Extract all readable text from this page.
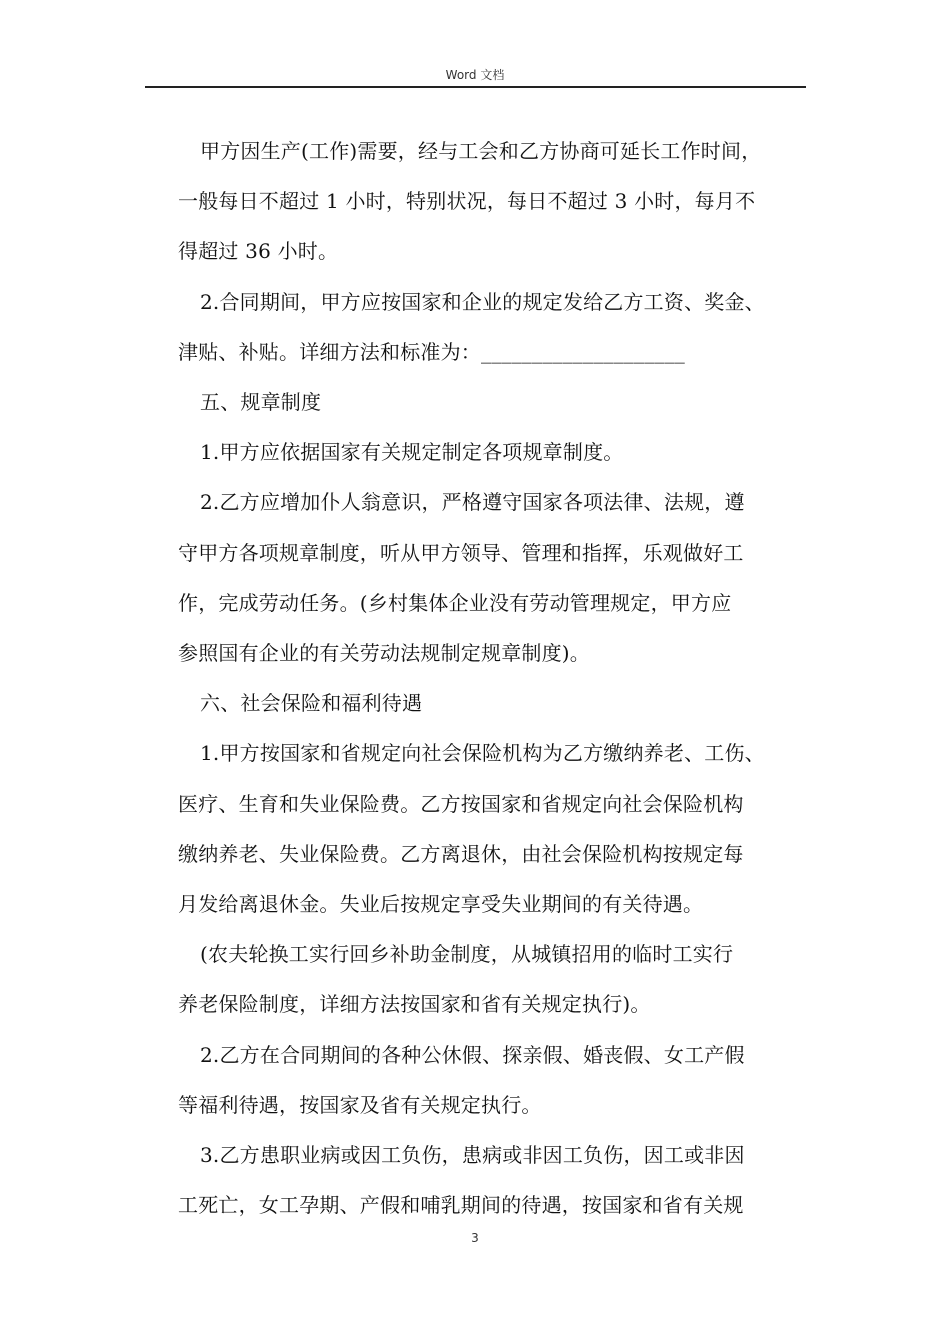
Word 文档

甲方因生产(工作)需要，经与工会和乙方协商可延长工作时间，

一般每日不超过 1 小时，特别状况，每日不超过 3 小时，每月不

得超过 36 小时。

2.合同期间，甲方应按国家和企业的规定发给乙方工资、奖金、

津贴、补贴。详细方法和标准为：____________________

五、规章制度

1.甲方应依据国家有关规定制定各项规章制度。

2.乙方应增加仆人翁意识，严格遵守国家各项法律、法规，遵

守甲方各项规章制度，听从甲方领导、管理和指挥，乐观做好工

作，完成劳动任务。(乡村集体企业没有劳动管理规定，甲方应

参照国有企业的有关劳动法规制定规章制度)。

六、社会保险和福利待遇

1.甲方按国家和省规定向社会保险机构为乙方缴纳养老、工伤、

医疗、生育和失业保险费。乙方按国家和省规定向社会保险机构

缴纳养老、失业保险费。乙方离退休，由社会保险机构按规定每

月发给离退休金。失业后按规定享受失业期间的有关待遇。

(农夫轮换工实行回乡补助金制度，从城镇招用的临时工实行

养老保险制度，详细方法按国家和省有关规定执行)。

2.乙方在合同期间的各种公休假、探亲假、婚丧假、女工产假

等福利待遇，按国家及省有关规定执行。

3.乙方患职业病或因工负伤，患病或非因工负伤，因工或非因

工死亡，女工孕期、产假和哺乳期间的待遇，按国家和省有关规

3
